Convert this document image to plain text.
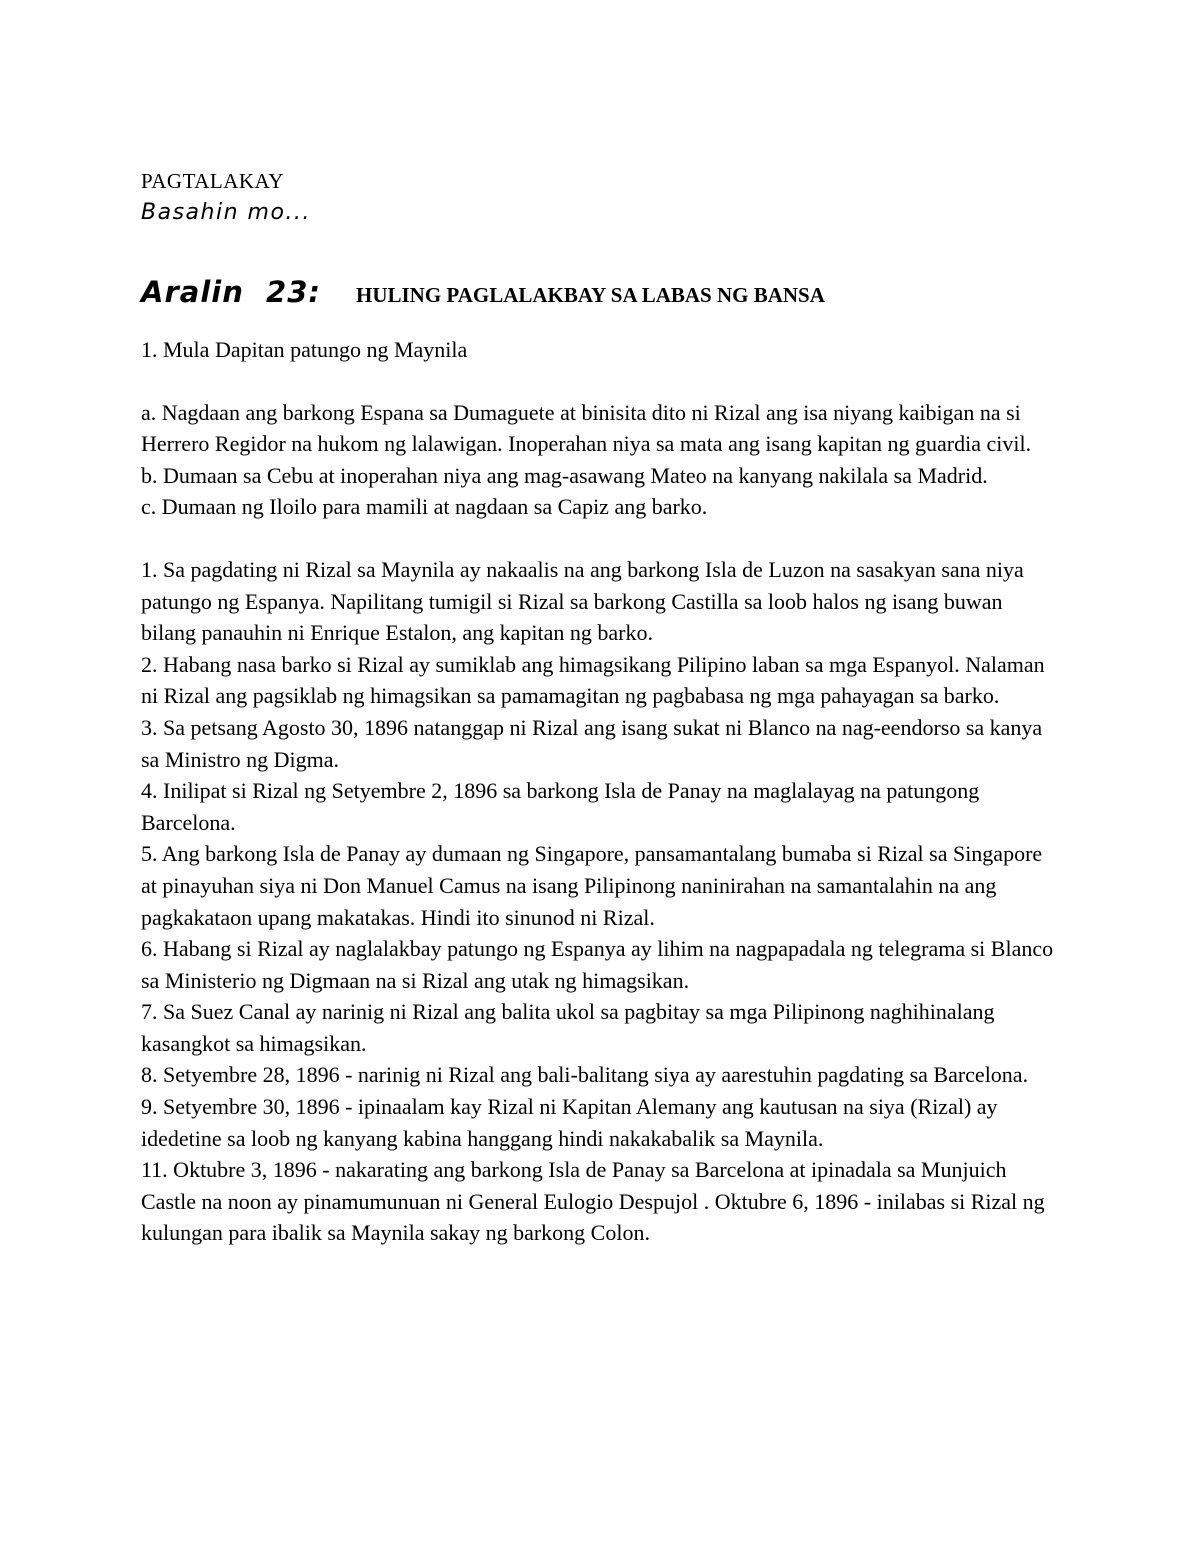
PAGTALAKAY

Basahin mo...

Aralin  23:	HULING PAGLALAKBAY SA LABAS NG BANSA

1. Mula Dapitan patungo ng Maynila

a. Nagdaan ang barkong Espana sa Dumaguete at binisita dito ni Rizal ang isa niyang kaibigan na si Herrero Regidor na hukom ng lalawigan. Inoperahan niya sa mata ang isang kapitan ng guardia civil.

b. Dumaan sa Cebu at inoperahan niya ang mag-asawang Mateo na kanyang nakilala sa Madrid.

c. Dumaan ng Iloilo para mamili at nagdaan sa Capiz ang barko.

1. Sa pagdating ni Rizal sa Maynila ay nakaalis na ang barkong Isla de Luzon na sasakyan sana niya patungo ng Espanya. Napilitang tumigil si Rizal sa barkong Castilla sa loob halos ng isang buwan bilang panauhin ni Enrique Estalon, ang kapitan ng barko.

2. Habang nasa barko si Rizal ay sumiklab ang himagsikang Pilipino laban sa mga Espanyol. Nalaman ni Rizal ang pagsiklab ng himagsikan sa pamamagitan ng pagbabasa ng mga pahayagan sa barko.

3. Sa petsang Agosto 30, 1896 natanggap ni Rizal ang isang sukat ni Blanco na nag-eendorso sa kanya sa Ministro ng Digma.

4. Inilipat si Rizal ng Setyembre 2, 1896 sa barkong Isla de Panay na maglalayag na patungong Barcelona.

5. Ang barkong Isla de Panay ay dumaan ng Singapore, pansamantalang bumaba si Rizal sa Singapore at pinayuhan siya ni Don Manuel Camus na isang Pilipinong naninirahan na samantalahin na ang pagkakataon upang makatakas. Hindi ito sinunod ni Rizal.

6. Habang si Rizal ay naglalakbay patungo ng Espanya ay lihim na nagpapadala ng telegrama si Blanco sa Ministerio ng Digmaan na si Rizal ang utak ng himagsikan.

7. Sa Suez Canal ay narinig ni Rizal ang balita ukol sa pagbitay sa mga Pilipinong naghihinalang kasangkot sa himagsikan.

8. Setyembre 28, 1896 - narinig ni Rizal ang bali-balitang siya ay aarestuhin pagdating sa Barcelona.

9. Setyembre 30, 1896 - ipinaalam kay Rizal ni Kapitan Alemany ang kautusan na siya (Rizal) ay idedetine sa loob ng kanyang kabina hanggang hindi nakakabalik sa Maynila.

11. Oktubre 3, 1896 - nakarating ang barkong Isla de Panay sa Barcelona at ipinadala sa Munjuich Castle na noon ay pinamumunuan ni General Eulogio Despujol . Oktubre 6, 1896 - inilabas si Rizal ng kulungan para ibalik sa Maynila sakay ng barkong Colon.
